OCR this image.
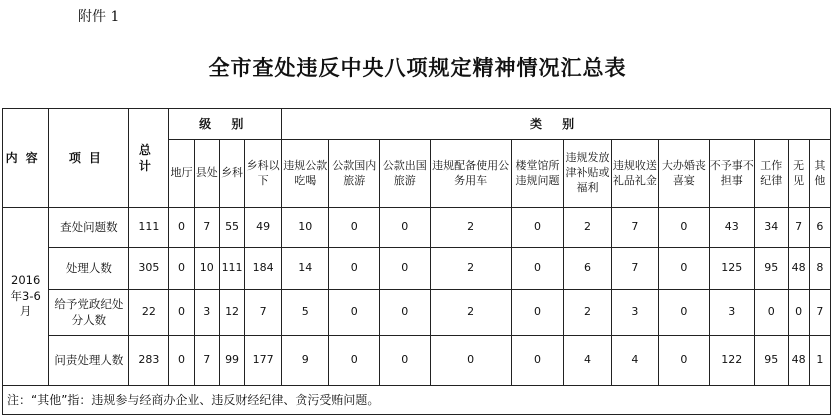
附件 1
全市查处违反中央八项规定精神情况汇总表
内容	项目	总计	级 别				类 别											
			地厅	县处	乡科	乡科以下	违规公款吃喝	公款国内旅游	公款出国旅游	违规配备使用公务用车	楼堂馆所违规问题	违规发放津补贴或福利	违规收送礼品礼金	大办婚丧喜宴	不予事不担事	工作纪律	无见	其他
2016年3-6月	查处问题数	111	0	7	55	49	10	0	0	2	0	2	7	0	43	34	7	6
	处理人数	305	0	10	111	184	14	0	0	2	0	6	7	0	125	95	48	8
	给予党政纪处分人数	22	0	3	12	7	5	0	0	2	0	2	3	0	3	0	0	7
	问责处理人数	283	0	7	99	177	9	0	0	0	0	4	4	0	122	95	48	1
注：“其他”指：违规参与经商办企业、违反财经纪律、贪污受贿问题。																		
